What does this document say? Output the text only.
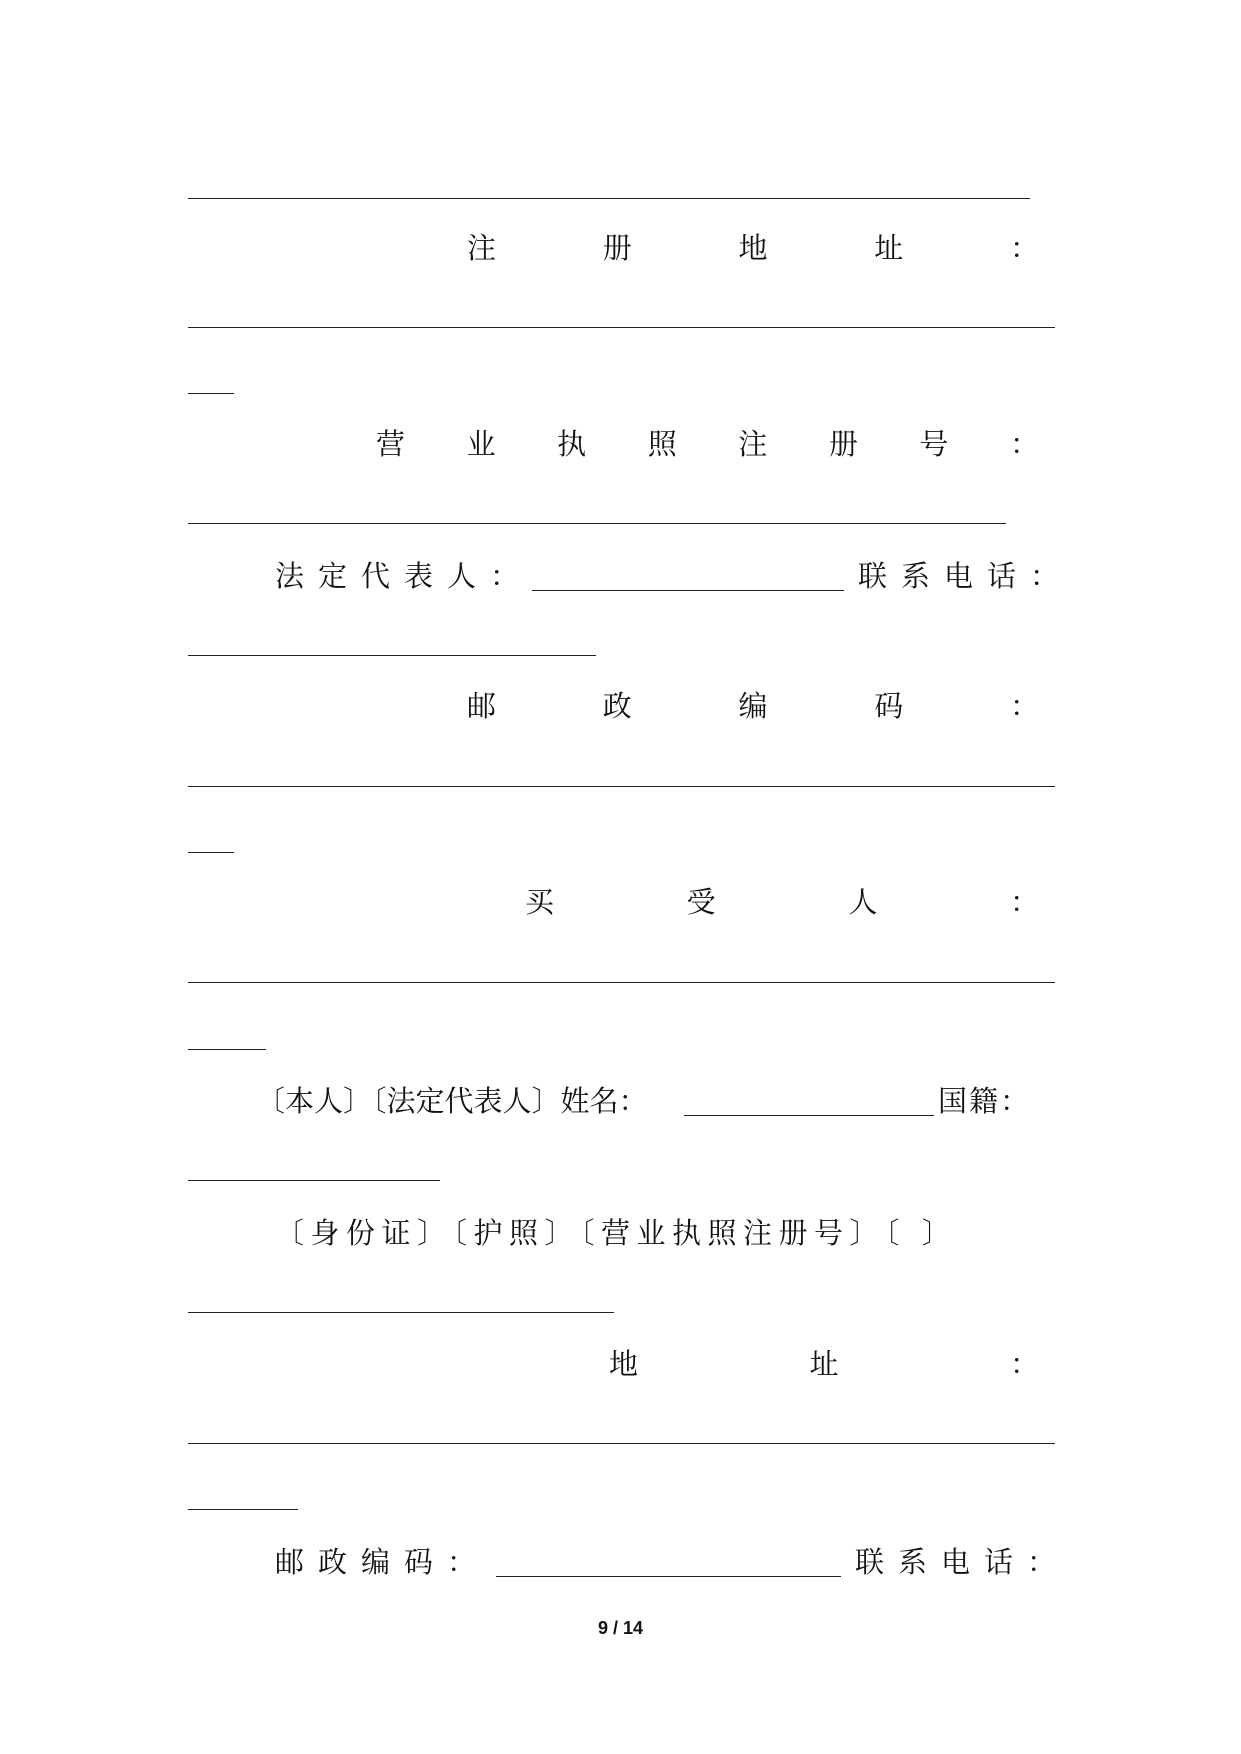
注	册	地	址	：
营 业 执 照 注 册 号 ：
法定代表人：	联系电话：
邮	政	编	码	：
买	受	人	：
〔本人〕〔法定代表人〕姓名：	国籍：
〔身份证〕〔护照〕〔营业执照注册号〕〔 〕
地	址	：
邮政编码：	联系电话：
9 / 14
